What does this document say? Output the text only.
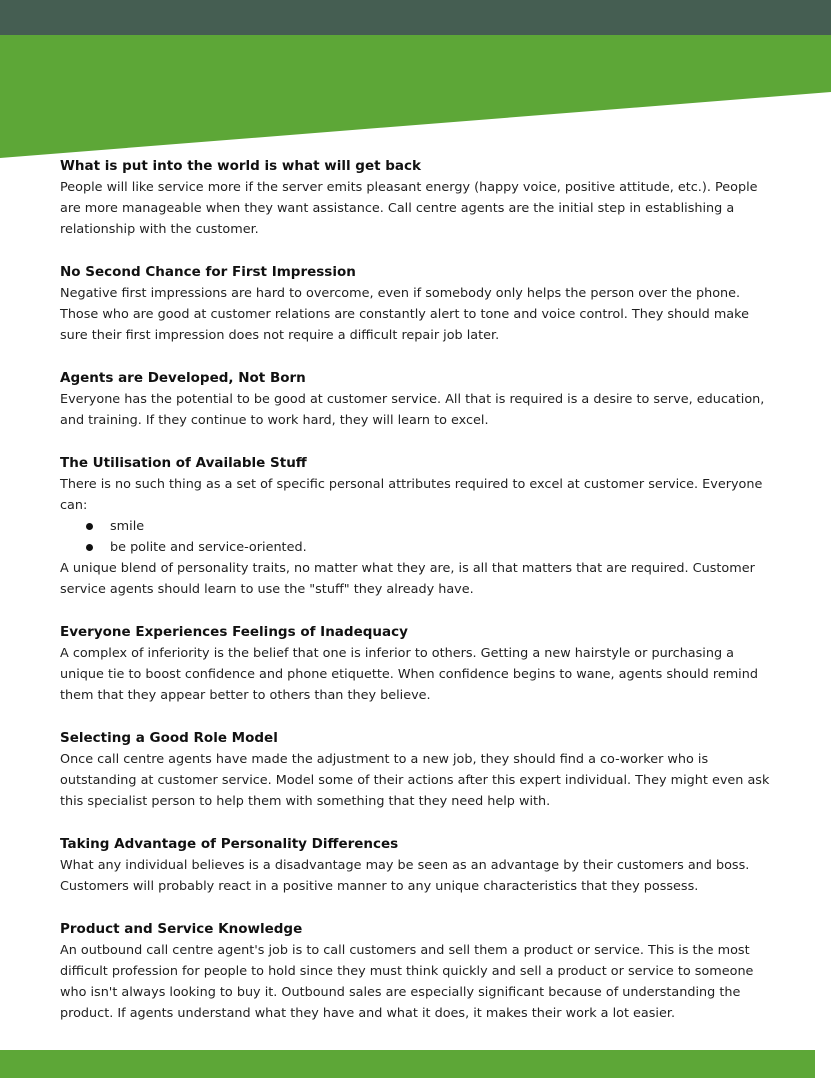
What is put into the world is what will get back

People will like service more if the server emits pleasant energy (happy voice, positive attitude, etc.). People are more manageable when they want assistance. Call centre agents are the initial step in establishing a relationship with the customer.

No Second Chance for First Impression

Negative first impressions are hard to overcome, even if somebody only helps the person over the phone. Those who are good at customer relations are constantly alert to tone and voice control. They should make sure their first impression does not require a difficult repair job later.

Agents are Developed, Not Born

Everyone has the potential to be good at customer service. All that is required is a desire to serve, education, and training. If they continue to work hard, they will learn to excel.

The Utilisation of Available Stuff

There is no such thing as a set of specific personal attributes required to excel at customer service. Everyone can:

smile
be polite and service-oriented.

A unique blend of personality traits, no matter what they are, is all that matters that are required. Customer service agents should learn to use the "stuff" they already have.

Everyone Experiences Feelings of Inadequacy

A complex of inferiority is the belief that one is inferior to others. Getting a new hairstyle or purchasing a unique tie to boost confidence and phone etiquette. When confidence begins to wane, agents should remind them that they appear better to others than they believe.

Selecting a Good Role Model

Once call centre agents have made the adjustment to a new job, they should find a co-worker who is outstanding at customer service. Model some of their actions after this expert individual. They might even ask this specialist person to help them with something that they need help with.

Taking Advantage of Personality Differences

What any individual believes is a disadvantage may be seen as an advantage by their customers and boss. Customers will probably react in a positive manner to any unique characteristics that they possess.

Product and Service Knowledge

An outbound call centre agent's job is to call customers and sell them a product or service. This is the most difficult profession for people to hold since they must think quickly and sell a product or service to someone who isn't always looking to buy it. Outbound sales are especially significant because of understanding the product. If agents understand what they have and what it does, it makes their work a lot easier.
